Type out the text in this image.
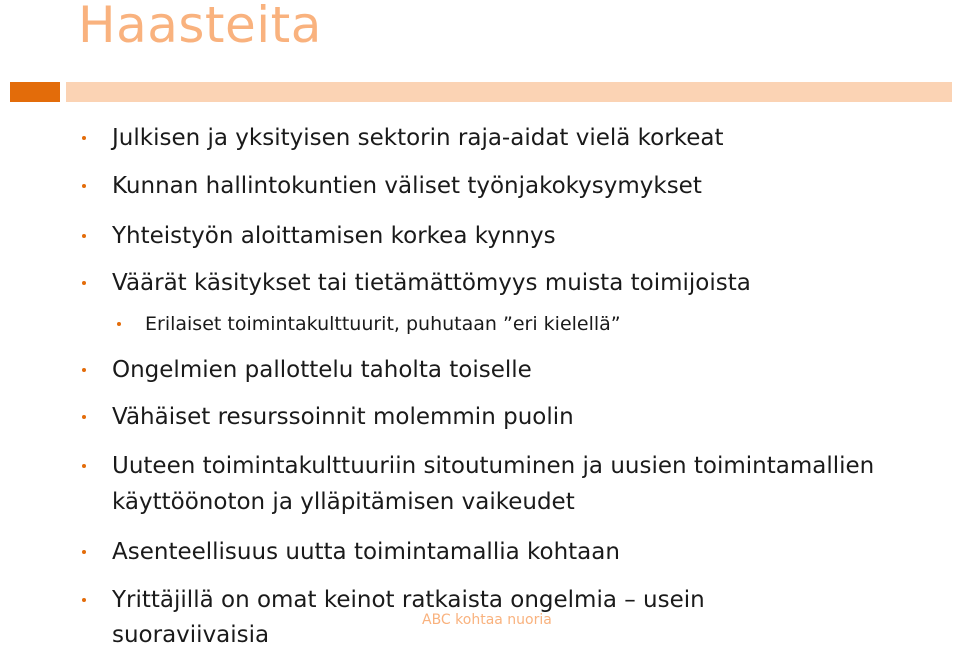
Haasteita
Julkisen ja yksityisen sektorin raja-aidat vielä korkeat
Kunnan hallintokuntien väliset työnjakokysymykset
Yhteistyön aloittamisen korkea kynnys
Väärät käsitykset tai tietämättömyys muista toimijoista
Erilaiset toimintakulttuurit, puhutaan ”eri kielellä”
Ongelmien pallottelu taholta toiselle
Vähäiset resurssoinnit molemmin puolin
Uuteen toimintakulttuuriin sitoutuminen ja uusien toimintamallien
käyttöönoton ja ylläpitämisen vaikeudet
Asenteellisuus uutta toimintamallia kohtaan
Yrittäjillä on omat keinot ratkaista ongelmia – usein
suoraviivaisia
ABC kohtaa nuoria
